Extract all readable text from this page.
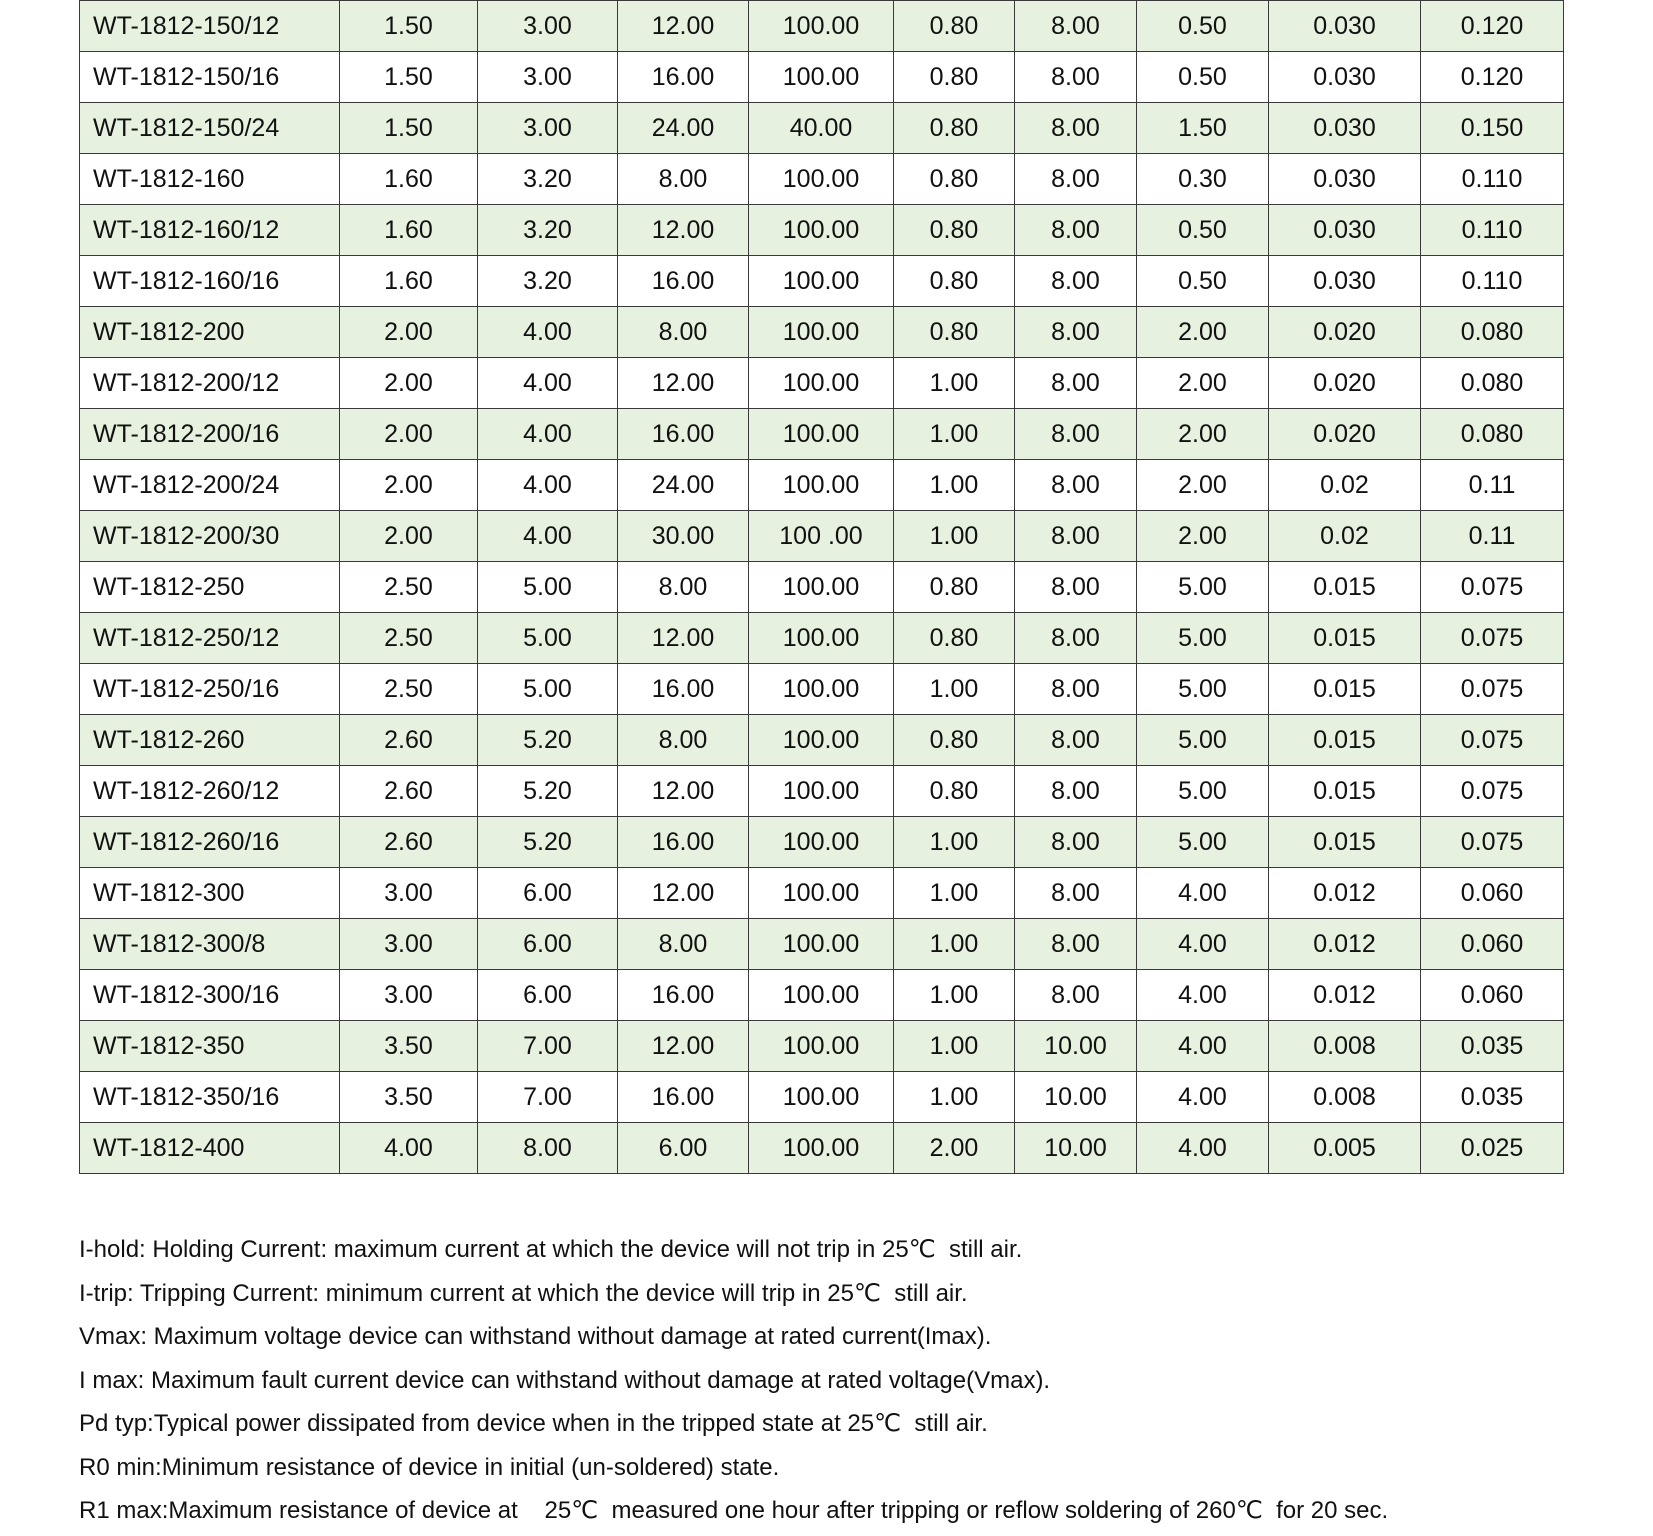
WT-1812-150/12	1.50	3.00	12.00	100.00	0.80	8.00	0.50	0.030	0.120
WT-1812-150/16	1.50	3.00	16.00	100.00	0.80	8.00	0.50	0.030	0.120
WT-1812-150/24	1.50	3.00	24.00	40.00	0.80	8.00	1.50	0.030	0.150
WT-1812-160	1.60	3.20	8.00	100.00	0.80	8.00	0.30	0.030	0.110
WT-1812-160/12	1.60	3.20	12.00	100.00	0.80	8.00	0.50	0.030	0.110
WT-1812-160/16	1.60	3.20	16.00	100.00	0.80	8.00	0.50	0.030	0.110
WT-1812-200	2.00	4.00	8.00	100.00	0.80	8.00	2.00	0.020	0.080
WT-1812-200/12	2.00	4.00	12.00	100.00	1.00	8.00	2.00	0.020	0.080
WT-1812-200/16	2.00	4.00	16.00	100.00	1.00	8.00	2.00	0.020	0.080
WT-1812-200/24	2.00	4.00	24.00	100.00	1.00	8.00	2.00	0.02	0.11
WT-1812-200/30	2.00	4.00	30.00	100 .00	1.00	8.00	2.00	0.02	0.11
WT-1812-250	2.50	5.00	8.00	100.00	0.80	8.00	5.00	0.015	0.075
WT-1812-250/12	2.50	5.00	12.00	100.00	0.80	8.00	5.00	0.015	0.075
WT-1812-250/16	2.50	5.00	16.00	100.00	1.00	8.00	5.00	0.015	0.075
WT-1812-260	2.60	5.20	8.00	100.00	0.80	8.00	5.00	0.015	0.075
WT-1812-260/12	2.60	5.20	12.00	100.00	0.80	8.00	5.00	0.015	0.075
WT-1812-260/16	2.60	5.20	16.00	100.00	1.00	8.00	5.00	0.015	0.075
WT-1812-300	3.00	6.00	12.00	100.00	1.00	8.00	4.00	0.012	0.060
WT-1812-300/8	3.00	6.00	8.00	100.00	1.00	8.00	4.00	0.012	0.060
WT-1812-300/16	3.00	6.00	16.00	100.00	1.00	8.00	4.00	0.012	0.060
WT-1812-350	3.50	7.00	12.00	100.00	1.00	10.00	4.00	0.008	0.035
WT-1812-350/16	3.50	7.00	16.00	100.00	1.00	10.00	4.00	0.008	0.035
WT-1812-400	4.00	8.00	6.00	100.00	2.00	10.00	4.00	0.005	0.025
I-hold: Holding Current: maximum current at which the device will not trip in 25℃  still air.
I-trip: Tripping Current: minimum current at which the device will trip in 25℃  still air.
Vmax: Maximum voltage device can withstand without damage at rated current(Imax).
I max: Maximum fault current device can withstand without damage at rated voltage(Vmax).
Pd typ:Typical power dissipated from device when in the tripped state at 25℃  still air.
R0 min:Minimum resistance of device in initial (un-soldered) state.
R1 max:Maximum resistance of device at    25℃  measured one hour after tripping or reflow soldering of 260℃  for 20 sec.
